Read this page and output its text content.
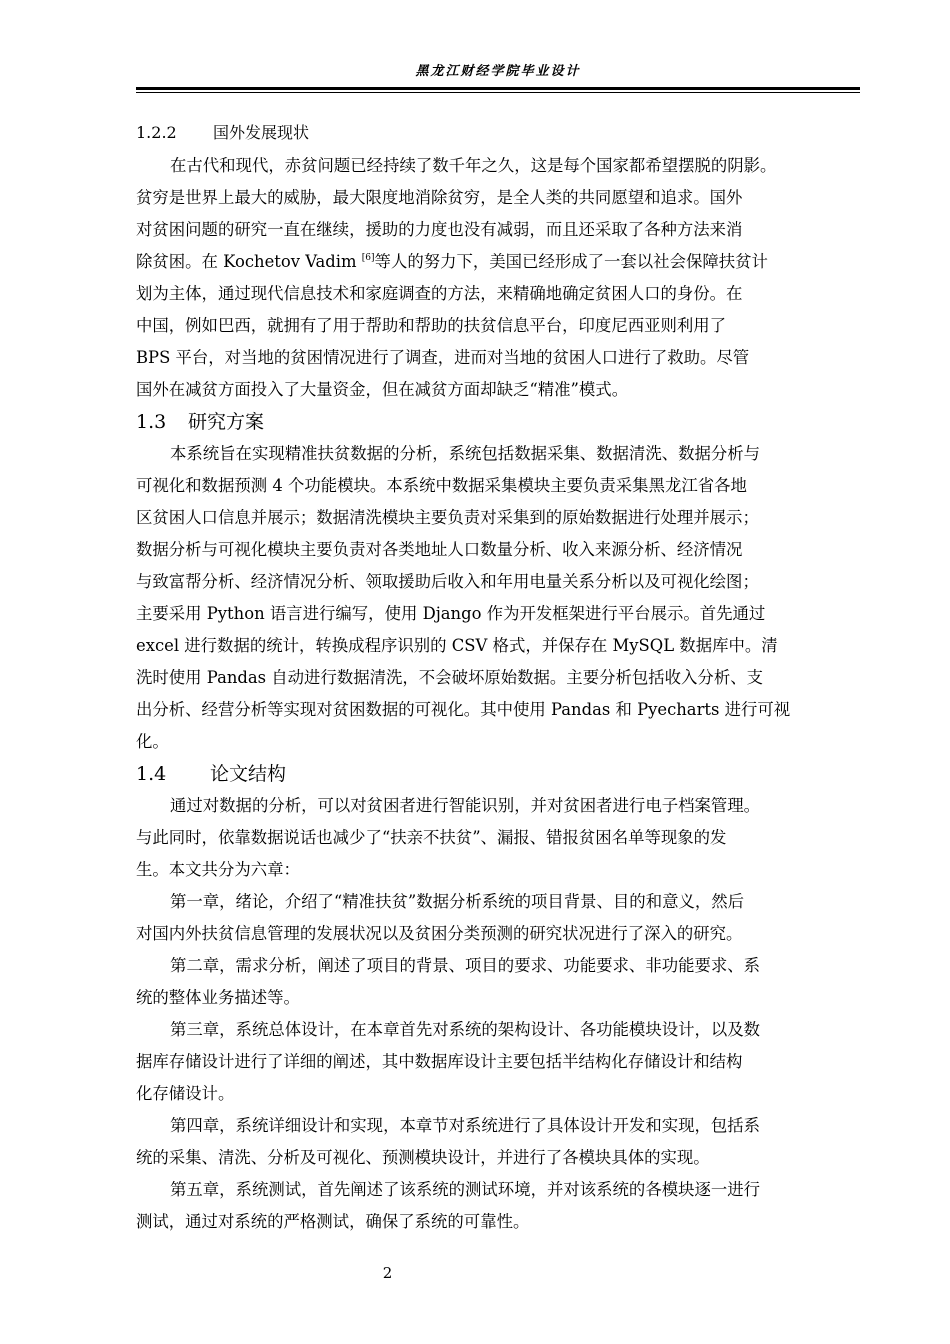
黑龙江财经学院毕业设计
1.2.2 国外发展现状

在古代和现代，赤贫问题已经持续了数千年之久，这是每个国家都希望摆脱的阴影。
贫穷是世界上最大的威胁，最大限度地消除贫穷，是全人类的共同愿望和追求。国外
对贫困问题的研究一直在继续，援助的力度也没有减弱，而且还采取了各种方法来消
除贫困。在 Kochetov Vadim [6]等人的努力下，美国已经形成了一套以社会保障扶贫计
划为主体，通过现代信息技术和家庭调查的方法，来精确地确定贫困人口的身份。在
中国，例如巴西，就拥有了用于帮助和帮助的扶贫信息平台，印度尼西亚则利用了
BPS 平台，对当地的贫困情况进行了调查，进而对当地的贫困人口进行了救助。尽管
国外在减贫方面投入了大量资金，但在减贫方面却缺乏“精准”模式。

1.3 研究方案

本系统旨在实现精准扶贫数据的分析，系统包括数据采集、数据清洗、数据分析与
可视化和数据预测 4 个功能模块。本系统中数据采集模块主要负责采集黑龙江省各地
区贫困人口信息并展示；数据清洗模块主要负责对采集到的原始数据进行处理并展示；
数据分析与可视化模块主要负责对各类地址人口数量分析、收入来源分析、经济情况
与致富帮分析、经济情况分析、领取援助后收入和年用电量关系分析以及可视化绘图；
主要采用 Python 语言进行编写，使用 Django 作为开发框架进行平台展示。首先通过
excel 进行数据的统计，转换成程序识别的 CSV 格式，并保存在 MySQL 数据库中。清
洗时使用 Pandas 自动进行数据清洗，不会破坏原始数据。主要分析包括收入分析、支
出分析、经营分析等实现对贫困数据的可视化。其中使用 Pandas 和 Pyecharts 进行可视
化。

1.4 论文结构

通过对数据的分析，可以对贫困者进行智能识别，并对贫困者进行电子档案管理。
与此同时，依靠数据说话也减少了“扶亲不扶贫”、漏报、错报贫困名单等现象的发
生。本文共分为六章：

第一章，绪论，介绍了“精准扶贫”数据分析系统的项目背景、目的和意义，然后
对国内外扶贫信息管理的发展状况以及贫困分类预测的研究状况进行了深入的研究。

第二章，需求分析，阐述了项目的背景、项目的要求、功能要求、非功能要求、系
统的整体业务描述等。

第三章，系统总体设计，在本章首先对系统的架构设计、各功能模块设计，以及数
据库存储设计进行了详细的阐述，其中数据库设计主要包括半结构化存储设计和结构
化存储设计。

第四章，系统详细设计和实现，本章节对系统进行了具体设计开发和实现，包括系
统的采集、清洗、分析及可视化、预测模块设计，并进行了各模块具体的实现。

第五章，系统测试，首先阐述了该系统的测试环境，并对该系统的各模块逐一进行
测试，通过对系统的严格测试，确保了系统的可靠性。

2
